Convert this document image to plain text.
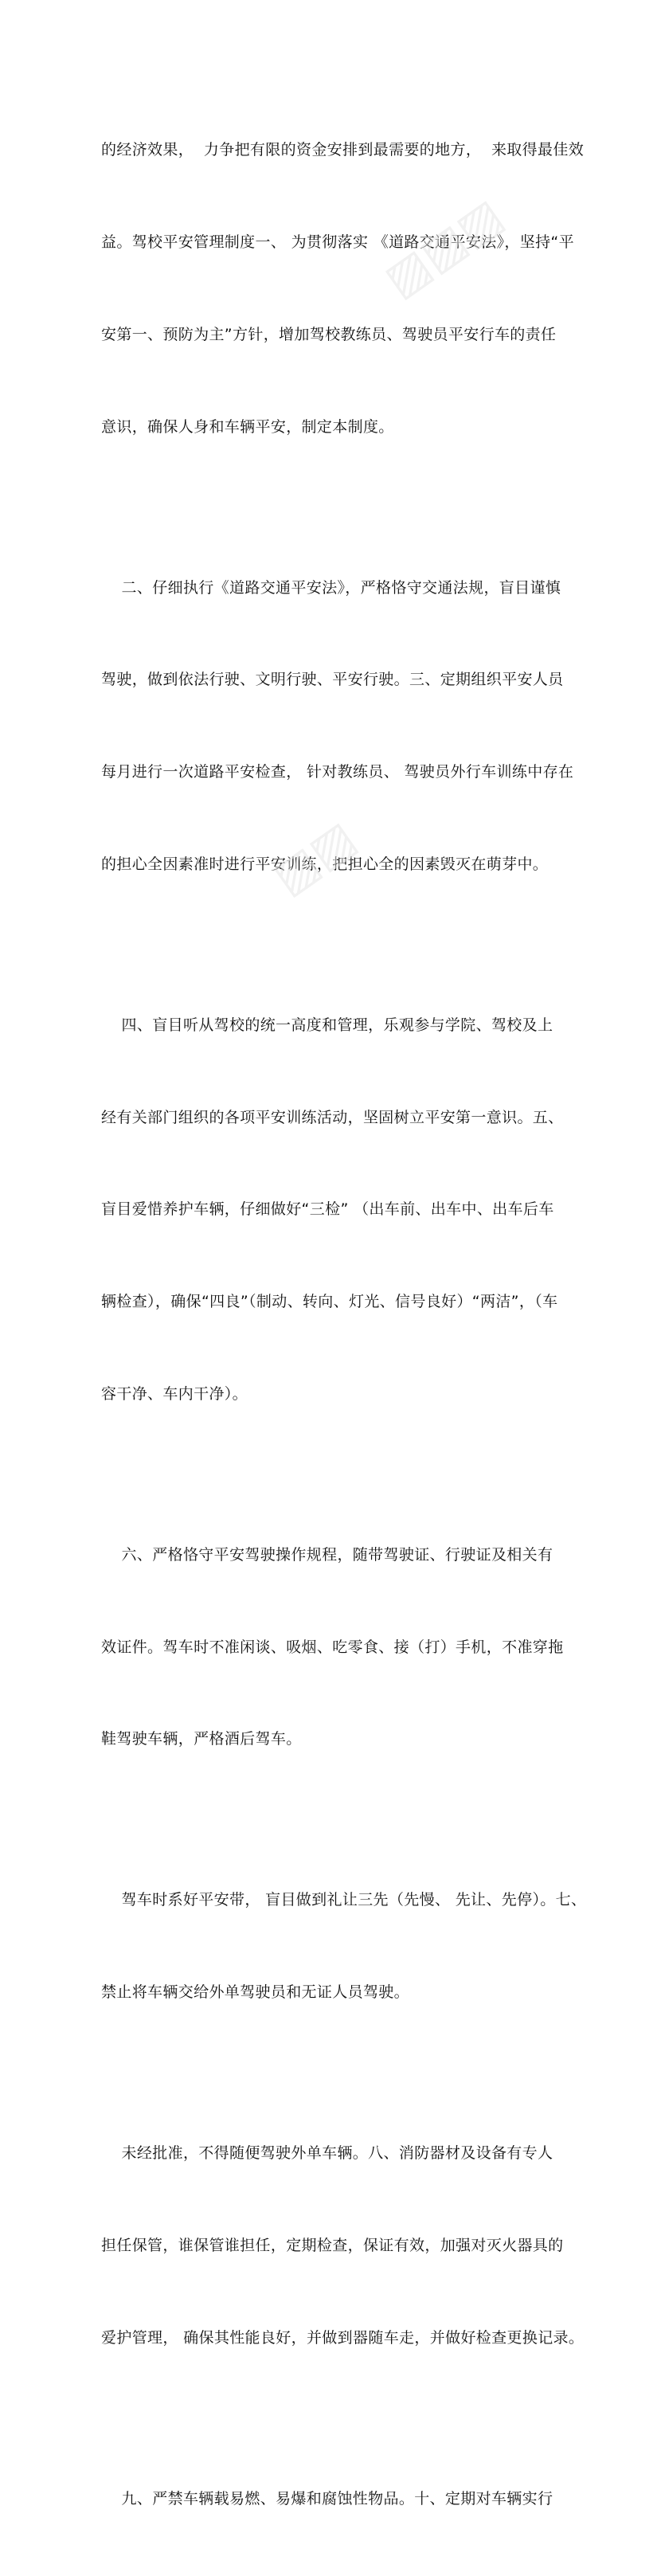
的经济效果，  力争把有限的资金安排到最需要的地方，  来取得最佳效

益。驾校平安管理制度一、 为贯彻落实 《道路交通平安法》，坚持“平

安第一、预防为主”方针，增加驾校教练员、驾驶员平安行车的责任

意识，确保人身和车辆平安，制定本制度。

二、仔细执行《道路交通平安法》，严格恪守交通法规，盲目谨慎

驾驶，做到依法行驶、文明行驶、平安行驶。三、定期组织平安人员

每月进行一次道路平安检查， 针对教练员、 驾驶员外行车训练中存在

的担心全因素准时进行平安训练，把担心全的因素毁灭在萌芽中。

四、盲目听从驾校的统一高度和管理，乐观参与学院、驾校及上

经有关部门组织的各项平安训练活动，坚固树立平安第一意识。五、

盲目爱惜养护车辆，仔细做好“三检” （出车前、出车中、出车后车

辆检查），确保“四良”（制动、转向、灯光、信号良好）“两洁”，（车

容干净、车内干净）。

六、严格恪守平安驾驶操作规程，随带驾驶证、行驶证及相关有

效证件。驾车时不准闲谈、吸烟、吃零食、接（打）手机，不准穿拖

鞋驾驶车辆，严格酒后驾车。

驾车时系好平安带， 盲目做到礼让三先（先慢、 先让、先停）。七、

禁止将车辆交给外单驾驶员和无证人员驾驶。

未经批准，不得随便驾驶外单车辆。八、消防器材及设备有专人

担任保管，谁保管谁担任，定期检查，保证有效，加强对灭火器具的

爱护管理， 确保其性能良好，并做到器随车走，并做好检查更换记录。

九、严禁车辆载易燃、易爆和腐蚀性物品。十、定期对车辆实行

▨▨▨
▨▨
